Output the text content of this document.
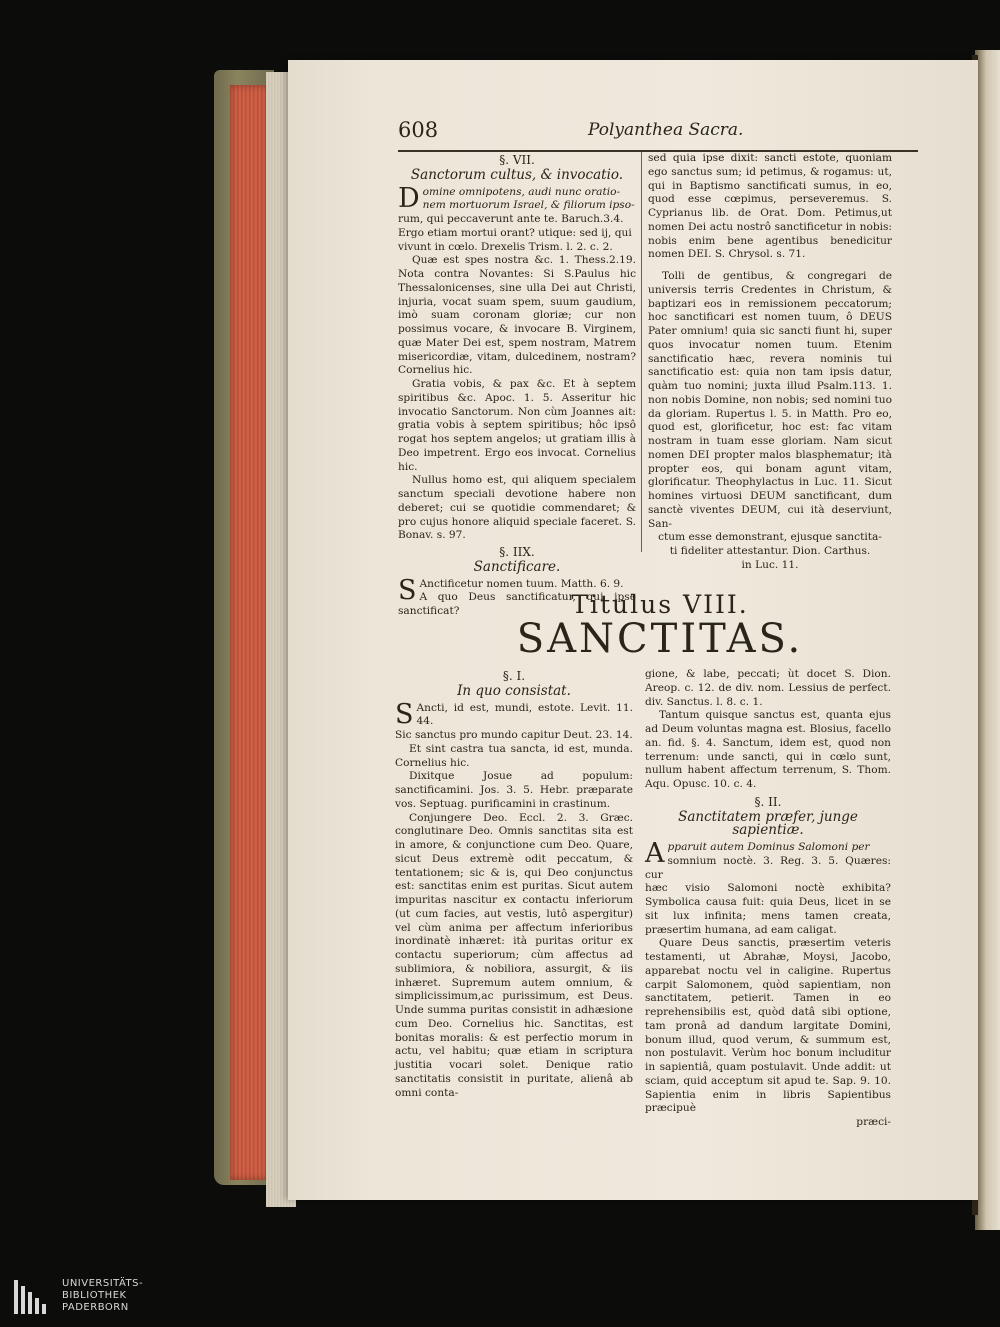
608	Polyanthea Sacra.
§. VII.
Sanctorum cultus, & invocatio.
D omine omnipotens, audi nunc oratio-

nem mortuorum Israel, & filiorum ipso-

rum, qui peccaverunt ante te. Baruch.3.4.

Ergo etiam mortui orant? utique: sed ij, qui

vivunt in cœlo. Drexelis Trism. l. 2. c. 2.

Quæ est spes nostra &c. 1. Thess.2.19. Nota contra Novantes: Si S.Paulus hic Thessalonicenses, sine ulla Dei aut Christi, injuria, vocat suam spem, suum gaudium, imò suam coronam gloriæ; cur non possimus vocare, & invocare B. Virginem, quæ Mater Dei est, spem nostram, Matrem misericordiæ, vitam, dulcedinem, nostram? Cornelius hic.

Gratia vobis, & pax &c. Et à septem spiritibus &c. Apoc. 1. 5. Asseritur hic invocatio Sanctorum. Non cùm Joannes ait: gratia vobis à septem spiritibus; hôc ipsô rogat hos septem angelos; ut gratiam illis à Deo impetrent. Ergo eos invocat. Cornelius hic.

Nullus homo est, qui aliquem specialem sanctum speciali devotione habere non deberet; cui se quotidie commendaret; & pro cujus honore aliquid speciale faceret. S. Bonav. s. 97.

§. IIX.
Sanctificare.
S Anctificetur nomen tuum. Matth. 6. 9.

A quo Deus sanctificatur, qui ipse sanctificat?

sed quia ipse dixit: sancti estote, quoniam ego sanctus sum; id petimus, & rogamus: ut, qui in Baptismo sanctificati sumus, in eo, quod esse cœpimus, perseveremus. S. Cyprianus lib. de Orat. Dom. Petimus,ut nomen Dei actu nostrô sanctificetur in nobis: nobis enim bene agentibus benedicitur nomen DEI. S. Chrysol. s. 71.

Tolli de gentibus, & congregari de universis terris Credentes in Christum, & baptizari eos in remissionem peccatorum; hoc sanctificari est nomen tuum, ô DEUS Pater omnium! quia sic sancti fiunt hi, super quos invocatur nomen tuum. Etenim sanctificatio hæc, revera nominis tui sanctificatio est: quia non tam ipsis datur, quàm tuo nomini; juxta illud Psalm.113. 1. non nobis Domine, non nobis; sed nomini tuo da gloriam. Rupertus l. 5. in Matth. Pro eo, quod est, glorificetur, hoc est: fac vitam nostram in tuam esse gloriam. Nam sicut nomen DEI propter malos blasphematur; ità propter eos, qui bonam agunt vitam, glorificatur. Theophylactus in Luc. 11. Sicut homines virtuosi DEUM sanctificant, dum sanctè viventes DEUM, cui ità deserviunt, San-

ctum esse demonstrant, ejusque sanctita-

ti fideliter attestantur. Dion. Carthus.

in Luc. 11.

Titulus VIII.
SANCTITAS.
§. I.
In quo consistat.
S Ancti, id est, mundi, estote. Levit. 11. 44.

Sic sanctus pro mundo capitur Deut. 23. 14.

Et sint castra tua sancta, id est, munda. Cornelius hic.

Dixitque Josue ad populum: sanctificamini. Jos. 3. 5. Hebr. præparate vos. Septuag. purificamini in crastinum.

Conjungere Deo. Eccl. 2. 3. Græc. conglutinare Deo. Omnis sanctitas sita est in amore, & conjunctione cum Deo. Quare, sicut Deus extremè odit peccatum, & tentationem; sic & is, qui Deo conjunctus est: sanctitas enim est puritas. Sicut autem impuritas nascitur ex contactu inferiorum (ut cum facies, aut vestis, lutô aspergitur) vel cùm anima per affectum inferioribus inordinatè inhæret: ità puritas oritur ex contactu superiorum; cùm affectus ad sublimiora, & nobiliora, assurgit, & iis inhæret. Supremum autem omnium, & simplicissimum,ac purissimum, est Deus. Unde summa puritas consistit in adhæsione cum Deo. Cornelius hic. Sanctitas, est bonitas moralis: & est perfectio morum in actu, vel habitu; quæ etiam in scriptura justitia vocari solet. Denique ratio sanctitatis consistit in puritate, alienâ ab omni conta-

gione, & labe, peccati; ùt docet S. Dion. Areop. c. 12. de div. nom. Lessius de perfect. div. Sanctus. l. 8. c. 1.

Tantum quisque sanctus est, quanta ejus ad Deum voluntas magna est. Blosius, facello an. fid. §. 4. Sanctum, idem est, quod non terrenum: unde sancti, qui in cœlo sunt, nullum habent affectum terrenum, S. Thom. Aqu. Opusc. 10. c. 4.

§. II.
Sanctitatem præfer, junge sapientiæ.
A pparuit autem Dominus Salomoni per

somnium noctè. 3. Reg. 3. 5. Quæres: cur

hæc visio Salomoni noctè exhibita? Symbolica causa fuit: quia Deus, licet in se sit lux infinita; mens tamen creata, præsertim humana, ad eam caligat.

Quare Deus sanctis, præsertim veteris testamenti, ut Abrahæ, Moysi, Jacobo, apparebat noctu vel in caligine. Rupertus carpit Salomonem, quòd sapientiam, non sanctitatem, petierit. Tamen in eo reprehensibilis est, quòd datâ sibi optione, tam pronâ ad dandum largitate Domini, bonum illud, quod verum, & summum est, non postulavit. Verùm hoc bonum includitur in sapientiâ, quam postulavit. Unde addit: ut sciam, quid acceptum sit apud te. Sap. 9. 10. Sapientia enim in libris Sapientibus præcipuè

præci-

UNIVERSITÄTS-
BIBLIOTHEK
PADERBORN
